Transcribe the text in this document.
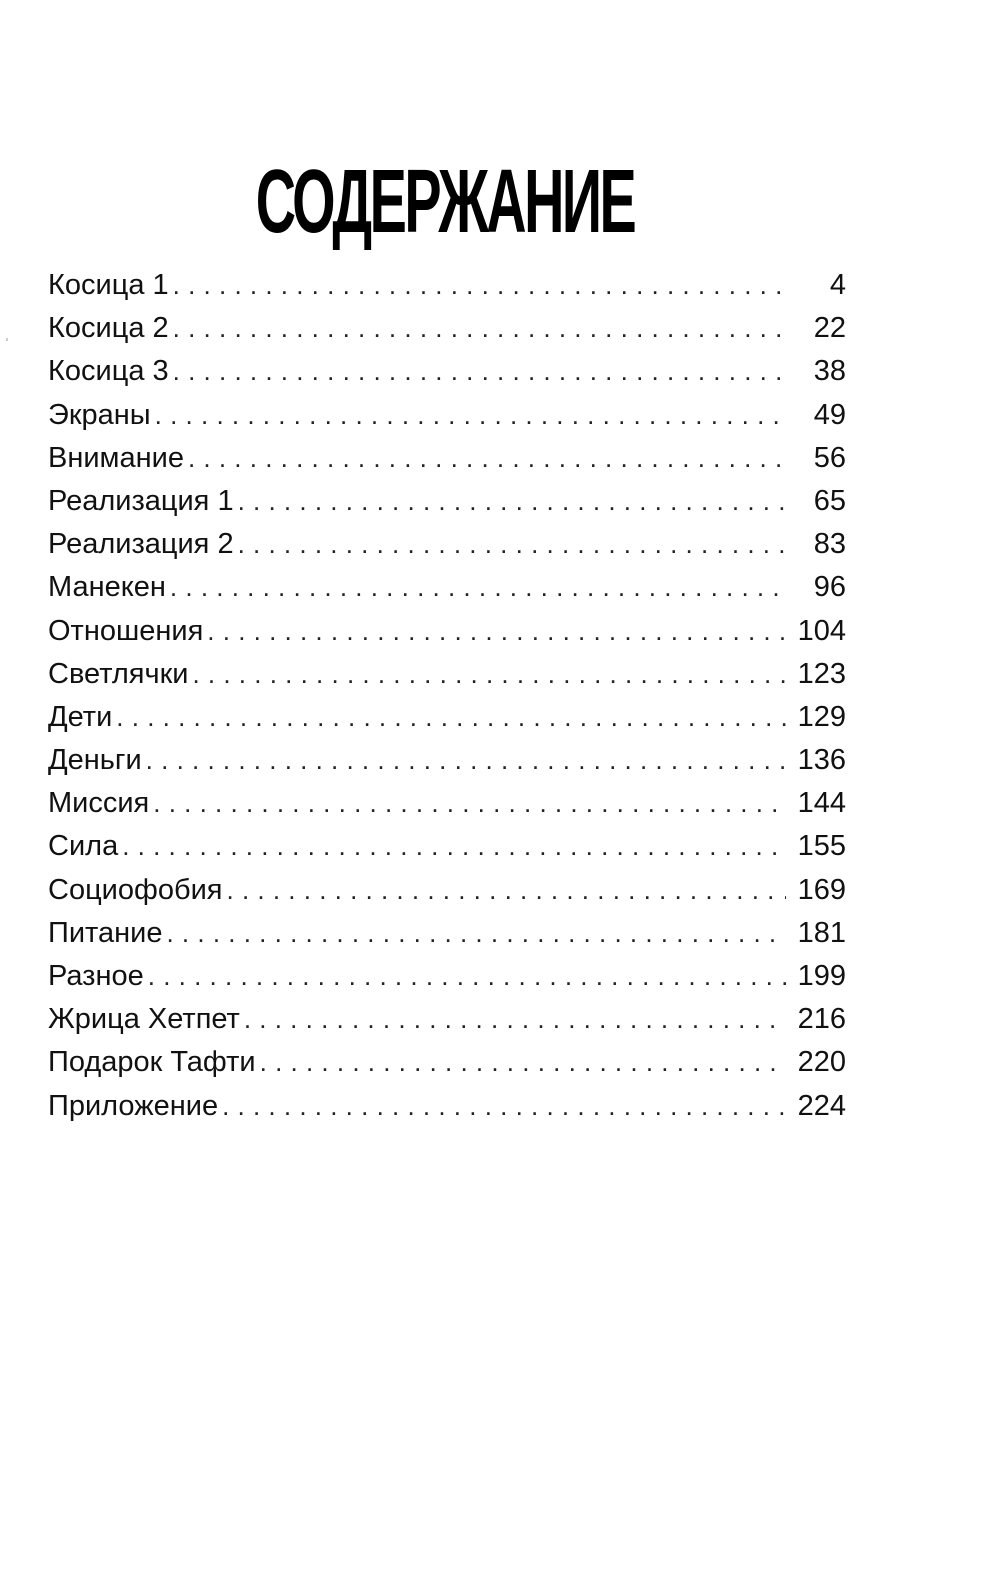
СОДЕРЖАНИЕ
Косица 1 . . .	4
Косица 2 . . .	22
Косица 3 . . .	38
Экраны . . .	49
Внимание . . .	56
Реализация 1 . . .	65
Реализация 2 . . .	83
Манекен . . .	96
Отношения . . .	104
Светлячки . . .	123
Дети . . .	129
Деньги . . .	136
Миссия . . .	144
Сила . . .	155
Социофобия . . .	169
Питание . . .	181
Разное . . .	199
Жрица Хетпет . . .	216
Подарок Тафти . . .	220
Приложение . . .	224
